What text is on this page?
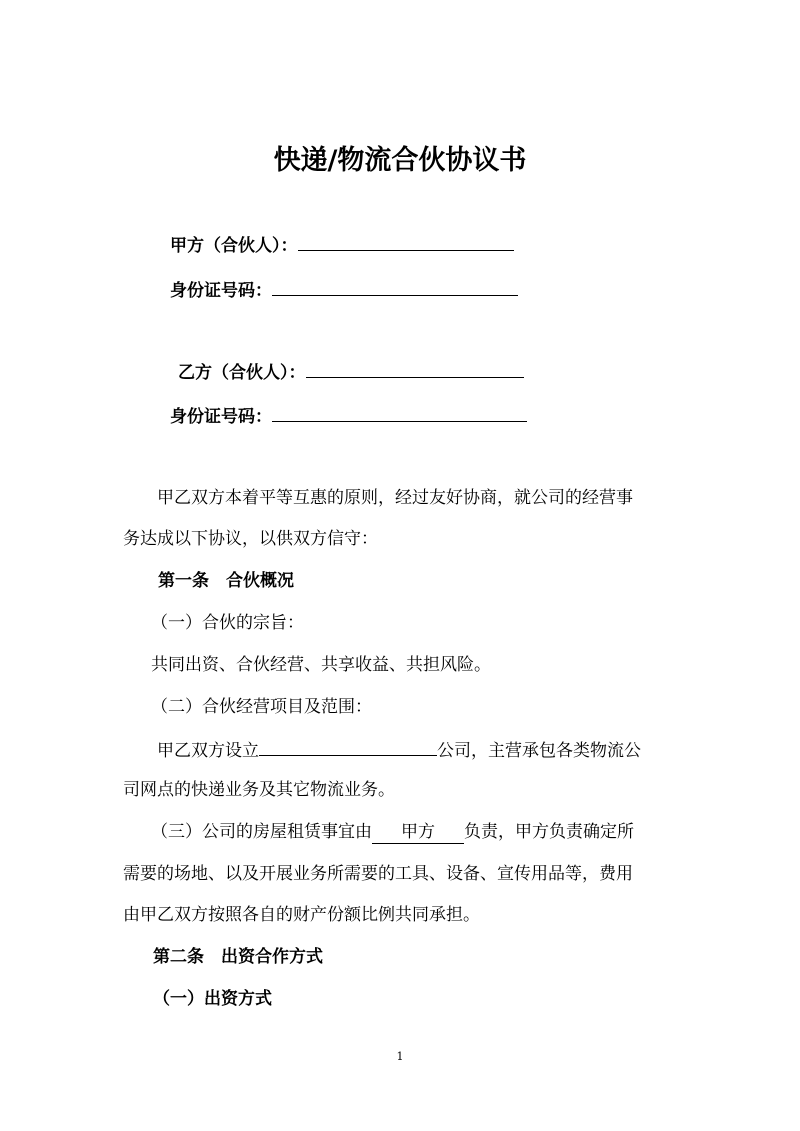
快递/物流合伙协议书
甲方（合伙人）：
身份证号码：
乙方（合伙人）：
身份证号码：
甲乙双方本着平等互惠的原则，经过友好协商，就公司的经营事
务达成以下协议，以供双方信守：
第一条　合伙概况
（一）合伙的宗旨：
共同出资、合伙经营、共享收益、共担风险。
（二）合伙经营项目及范围：
甲乙双方设立	公司，主营承包各类物流公
司网点的快递业务及其它物流业务。
（三）公司的房屋租赁事宜由 甲方 负责，甲方负责确定所
需要的场地、以及开展业务所需要的工具、设备、宣传用品等，费用
由甲乙双方按照各自的财产份额比例共同承担。
第二条　出资合作方式
（一）出资方式
1
